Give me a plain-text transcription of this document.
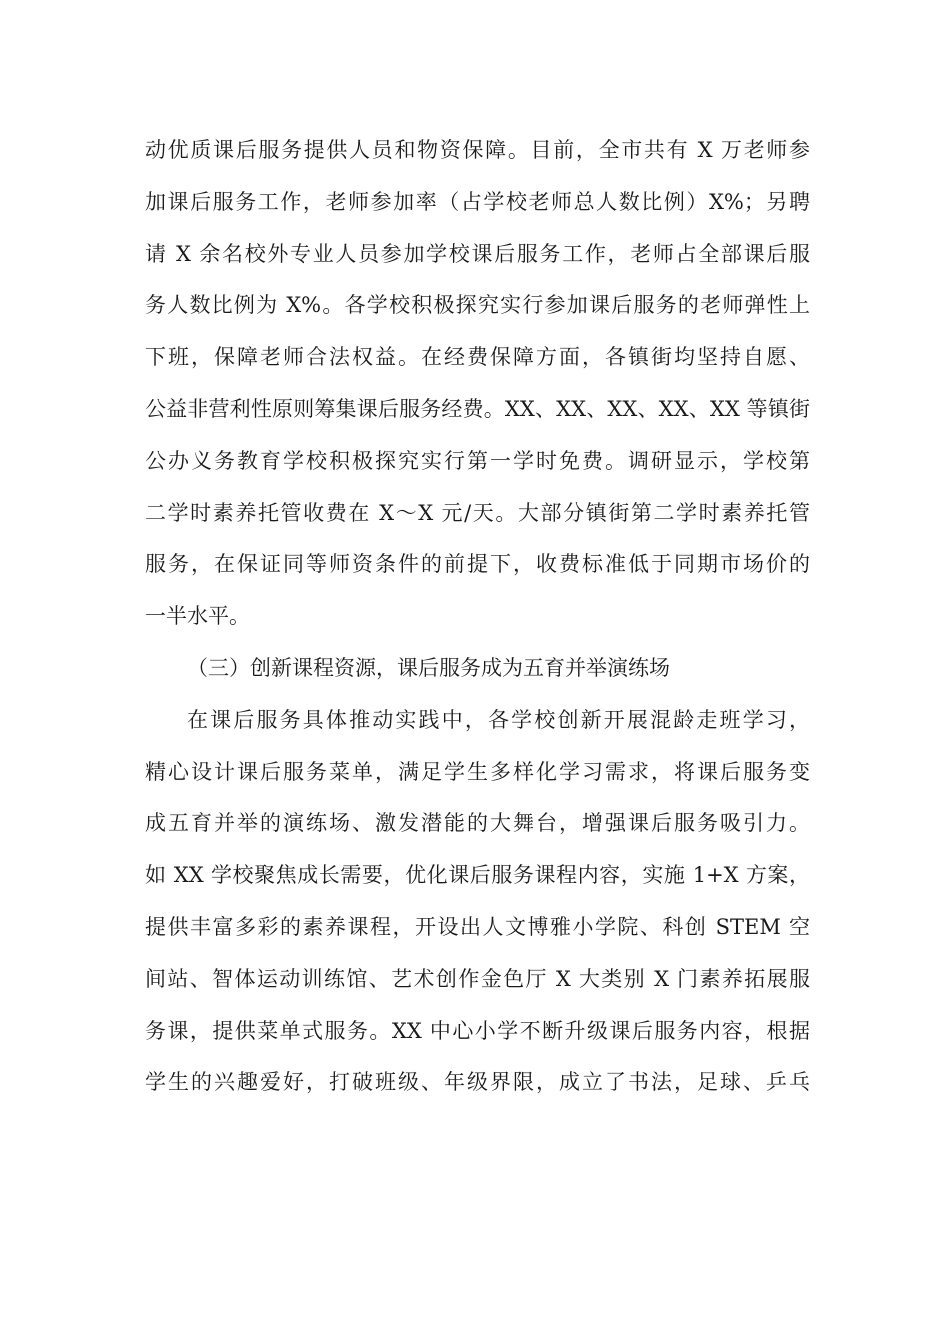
动优质课后服务提供人员和物资保障。目前，全市共有 X 万老师参
加课后服务工作，老师参加率（占学校老师总人数比例）X%；另聘
请 X 余名校外专业人员参加学校课后服务工作，老师占全部课后服
务人数比例为 X%。各学校积极探究实行参加课后服务的老师弹性上
下班，保障老师合法权益。在经费保障方面，各镇街均坚持自愿、
公益非营利性原则筹集课后服务经费。XX、XX、XX、XX、XX 等镇街
公办义务教育学校积极探究实行第一学时免费。调研显示，学校第
二学时素养托管收费在 X～X 元/天。大部分镇街第二学时素养托管
服务，在保证同等师资条件的前提下，收费标准低于同期市场价的
一半水平。
（三）创新课程资源，课后服务成为五育并举演练场
在课后服务具体推动实践中，各学校创新开展混龄走班学习，
精心设计课后服务菜单，满足学生多样化学习需求，将课后服务变
成五育并举的演练场、激发潜能的大舞台，增强课后服务吸引力。
如 XX 学校聚焦成长需要，优化课后服务课程内容，实施 1+X 方案，
提供丰富多彩的素养课程，开设出人文博雅小学院、科创 STEM 空
间站、智体运动训练馆、艺术创作金色厅 X 大类别 X 门素养拓展服
务课，提供菜单式服务。XX 中心小学不断升级课后服务内容，根据
学生的兴趣爱好，打破班级、年级界限，成立了书法，足球、乒乓
